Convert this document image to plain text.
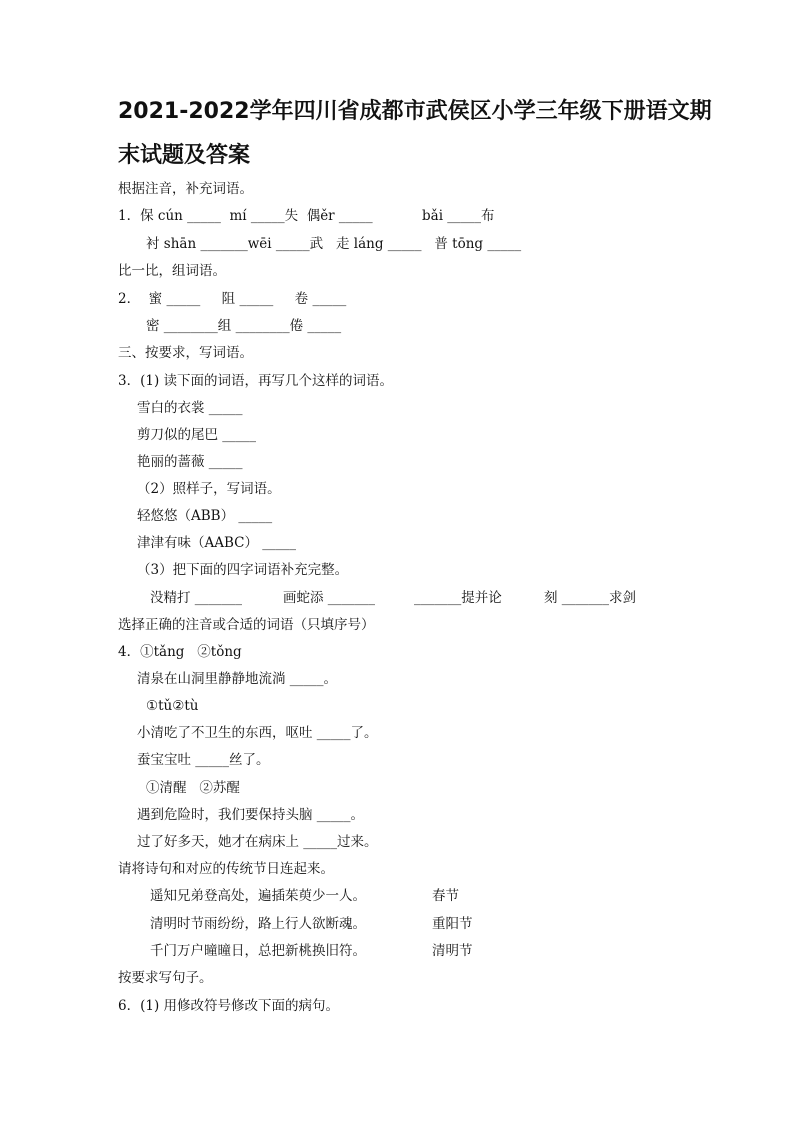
2021-2022学年四川省成都市武侯区小学三年级下册语文期
末试题及答案
根据注音，补充词语。
1．保 cún _____  mí _____失  偶ěr _____	bǎi _____布
衬 shān _______wēi _____武   走 láng _____   普 tōng _____
比一比，组词语。
2．  蜜 _____     阻 _____     卷 _____
密 ________组 ________倦 _____
三、按要求，写词语。
3．(1) 读下面的词语，再写几个这样的词语。
雪白的衣裳 _____
剪刀似的尾巴 _____
艳丽的蔷薇 _____
（2）照样子，写词语。
轻悠悠（ABB） _____
津津有味（AABC） _____
（3）把下面的四字词语补充完整。
没精打 _______	画蛇添 _______	_______提并论	刻 _______求剑
选择正确的注音或合适的词语（只填序号）
4．①tǎng   ②tǒng
清泉在山洞里静静地流淌 _____。
①tǔ②tù
小清吃了不卫生的东西，呕吐 _____了。
蚕宝宝吐 _____丝了。
①清醒   ②苏醒
遇到危险时，我们要保持头脑 _____。
过了好多天，她才在病床上 _____过来。
请将诗句和对应的传统节日连起来。
遥知兄弟登高处，遍插茱萸少一人。	春节
清明时节雨纷纷，路上行人欲断魂。	重阳节
千门万户曈曈日，总把新桃换旧符。	清明节
按要求写句子。
6．(1) 用修改符号修改下面的病句。
